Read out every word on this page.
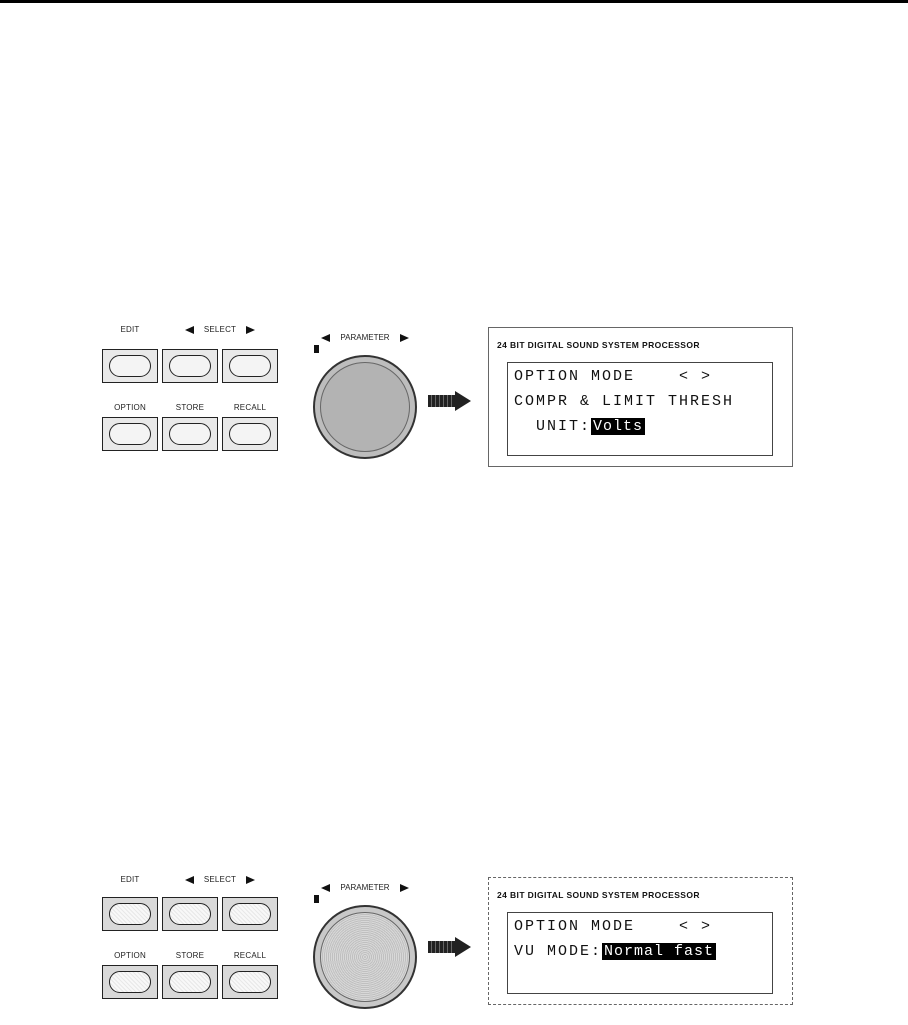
EDIT	SELECT
OPTION	STORE	RECALL
PARAMETER
24 BIT DIGITAL SOUND SYSTEM PROCESSOR
OPTION MODE    < >
COMPR & LIMIT THRESH
UNIT: Volts
EDIT	SELECT
OPTION	STORE	RECALL
PARAMETER
24 BIT DIGITAL SOUND SYSTEM PROCESSOR
OPTION MODE    < >
VU MODE: Normal fast
